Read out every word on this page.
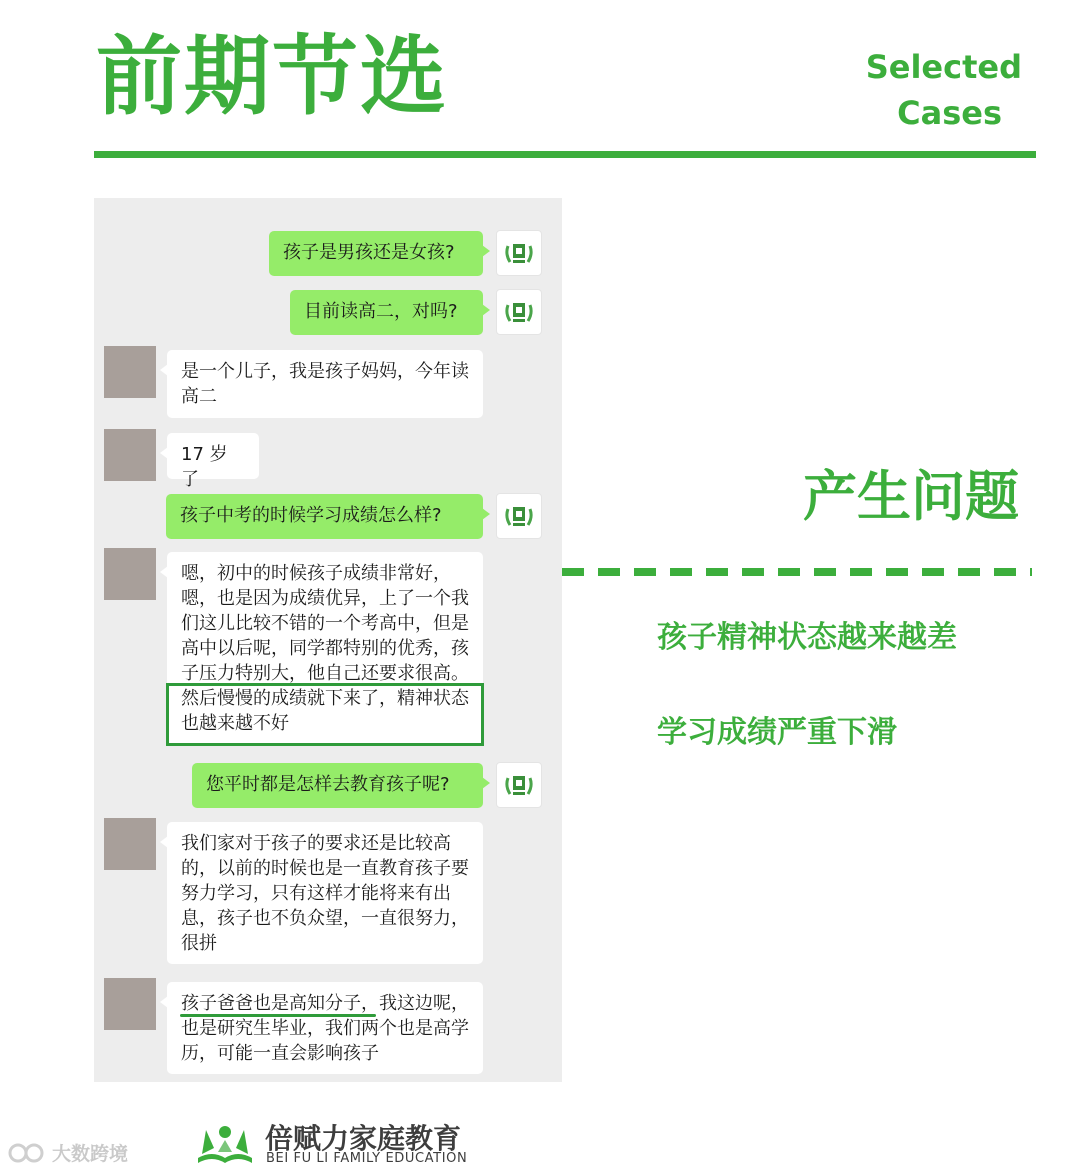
前期节选	Selected
Cases
孩子是男孩还是女孩?
目前读高二，对吗?
是一个儿子，我是孩子妈妈，今年读高二
17 岁了
孩子中考的时候学习成绩怎么样?
嗯，初中的时候孩子成绩非常好，嗯，也是因为成绩优异，上了一个我们这儿比较不错的一个考高中，但是高中以后呢，同学都特别的优秀，孩子压力特别大，他自己还要求很高。然后慢慢的成绩就下来了，精神状态也越来越不好
您平时都是怎样去教育孩子呢?
我们家对于孩子的要求还是比较高的，以前的时候也是一直教育孩子要努力学习，只有这样才能将来有出息，孩子也不负众望，一直很努力，很拼
孩子爸爸也是高知分子，我这边呢，也是研究生毕业，我们两个也是高学历，可能一直会影响孩子
产生问题
孩子精神状态越来越差
学习成绩严重下滑
倍赋力家庭教育
BEI FU LI FAMILY EDUCATION
大数跨境
